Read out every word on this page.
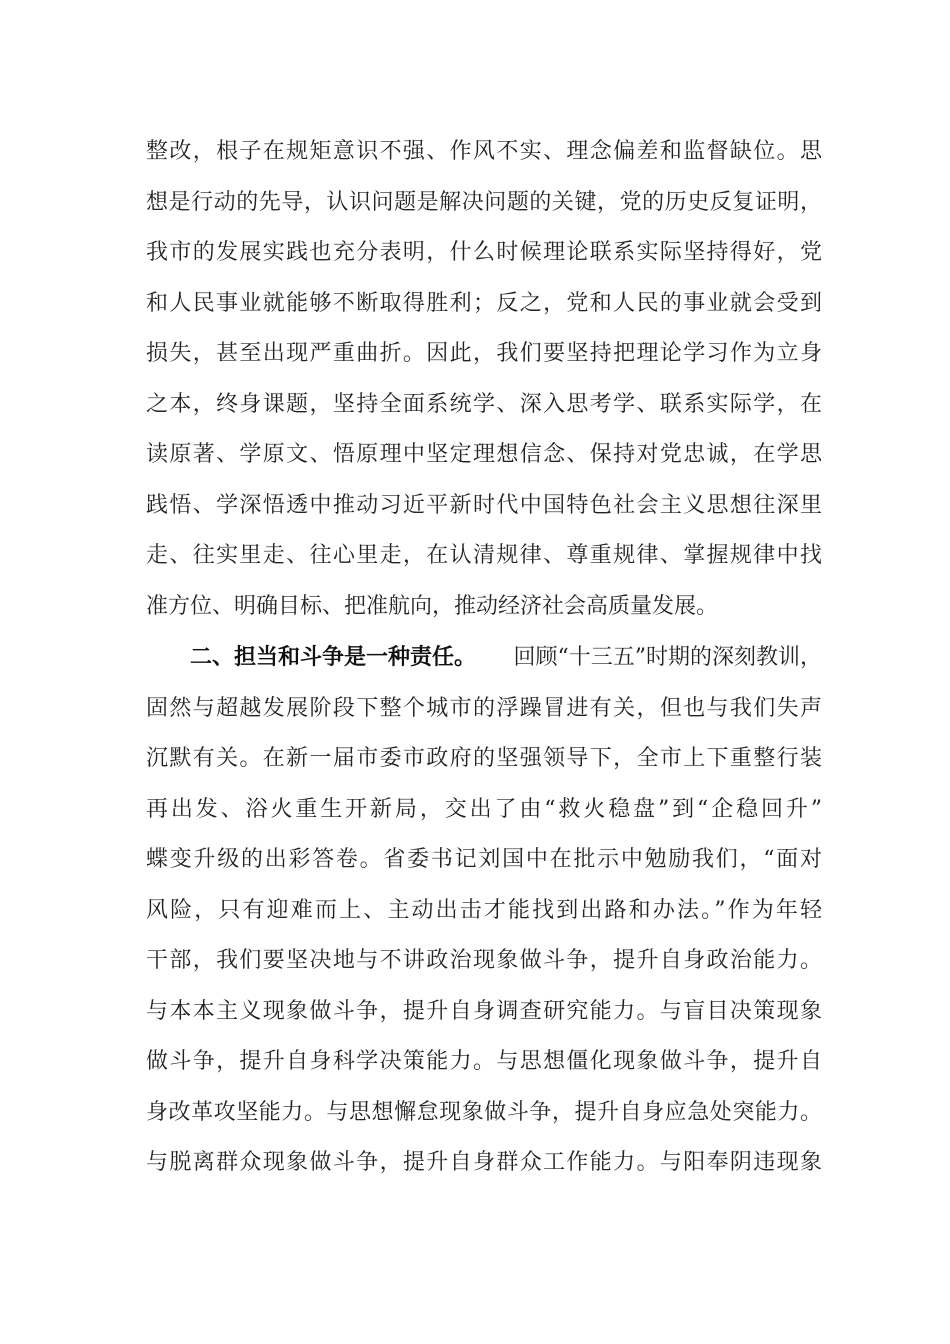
整改，根子在规矩意识不强、作风不实、理念偏差和监督缺位。思
想是行动的先导，认识问题是解决问题的关键，党的历史反复证明，
我市的发展实践也充分表明，什么时候理论联系实际坚持得好，党
和人民事业就能够不断取得胜利；反之，党和人民的事业就会受到
损失，甚至出现严重曲折。因此，我们要坚持把理论学习作为立身
之本，终身课题，坚持全面系统学、深入思考学、联系实际学，在
读原著、学原文、悟原理中坚定理想信念、保持对党忠诚，在学思
践悟、学深悟透中推动习近平新时代中国特色社会主义思想往深里
走、往实里走、往心里走，在认清规律、尊重规律、掌握规律中找
准方位、明确目标、把准航向，推动经济社会高质量发展。
二、担当和斗争是一种责任。 回顾“十三五”时期的深刻教训，
固然与超越发展阶段下整个城市的浮躁冒进有关，但也与我们失声
沉默有关。在新一届市委市政府的坚强领导下，全市上下重整行装
再出发、浴火重生开新局，交出了由“救火稳盘”到“企稳回升”
蝶变升级的出彩答卷。省委书记刘国中在批示中勉励我们，“面对
风险，只有迎难而上、主动出击才能找到出路和办法。”作为年轻
干部，我们要坚决地与不讲政治现象做斗争，提升自身政治能力。
与本本主义现象做斗争，提升自身调查研究能力。与盲目决策现象
做斗争，提升自身科学决策能力。与思想僵化现象做斗争，提升自
身改革攻坚能力。与思想懈怠现象做斗争，提升自身应急处突能力。
与脱离群众现象做斗争，提升自身群众工作能力。与阳奉阴违现象
